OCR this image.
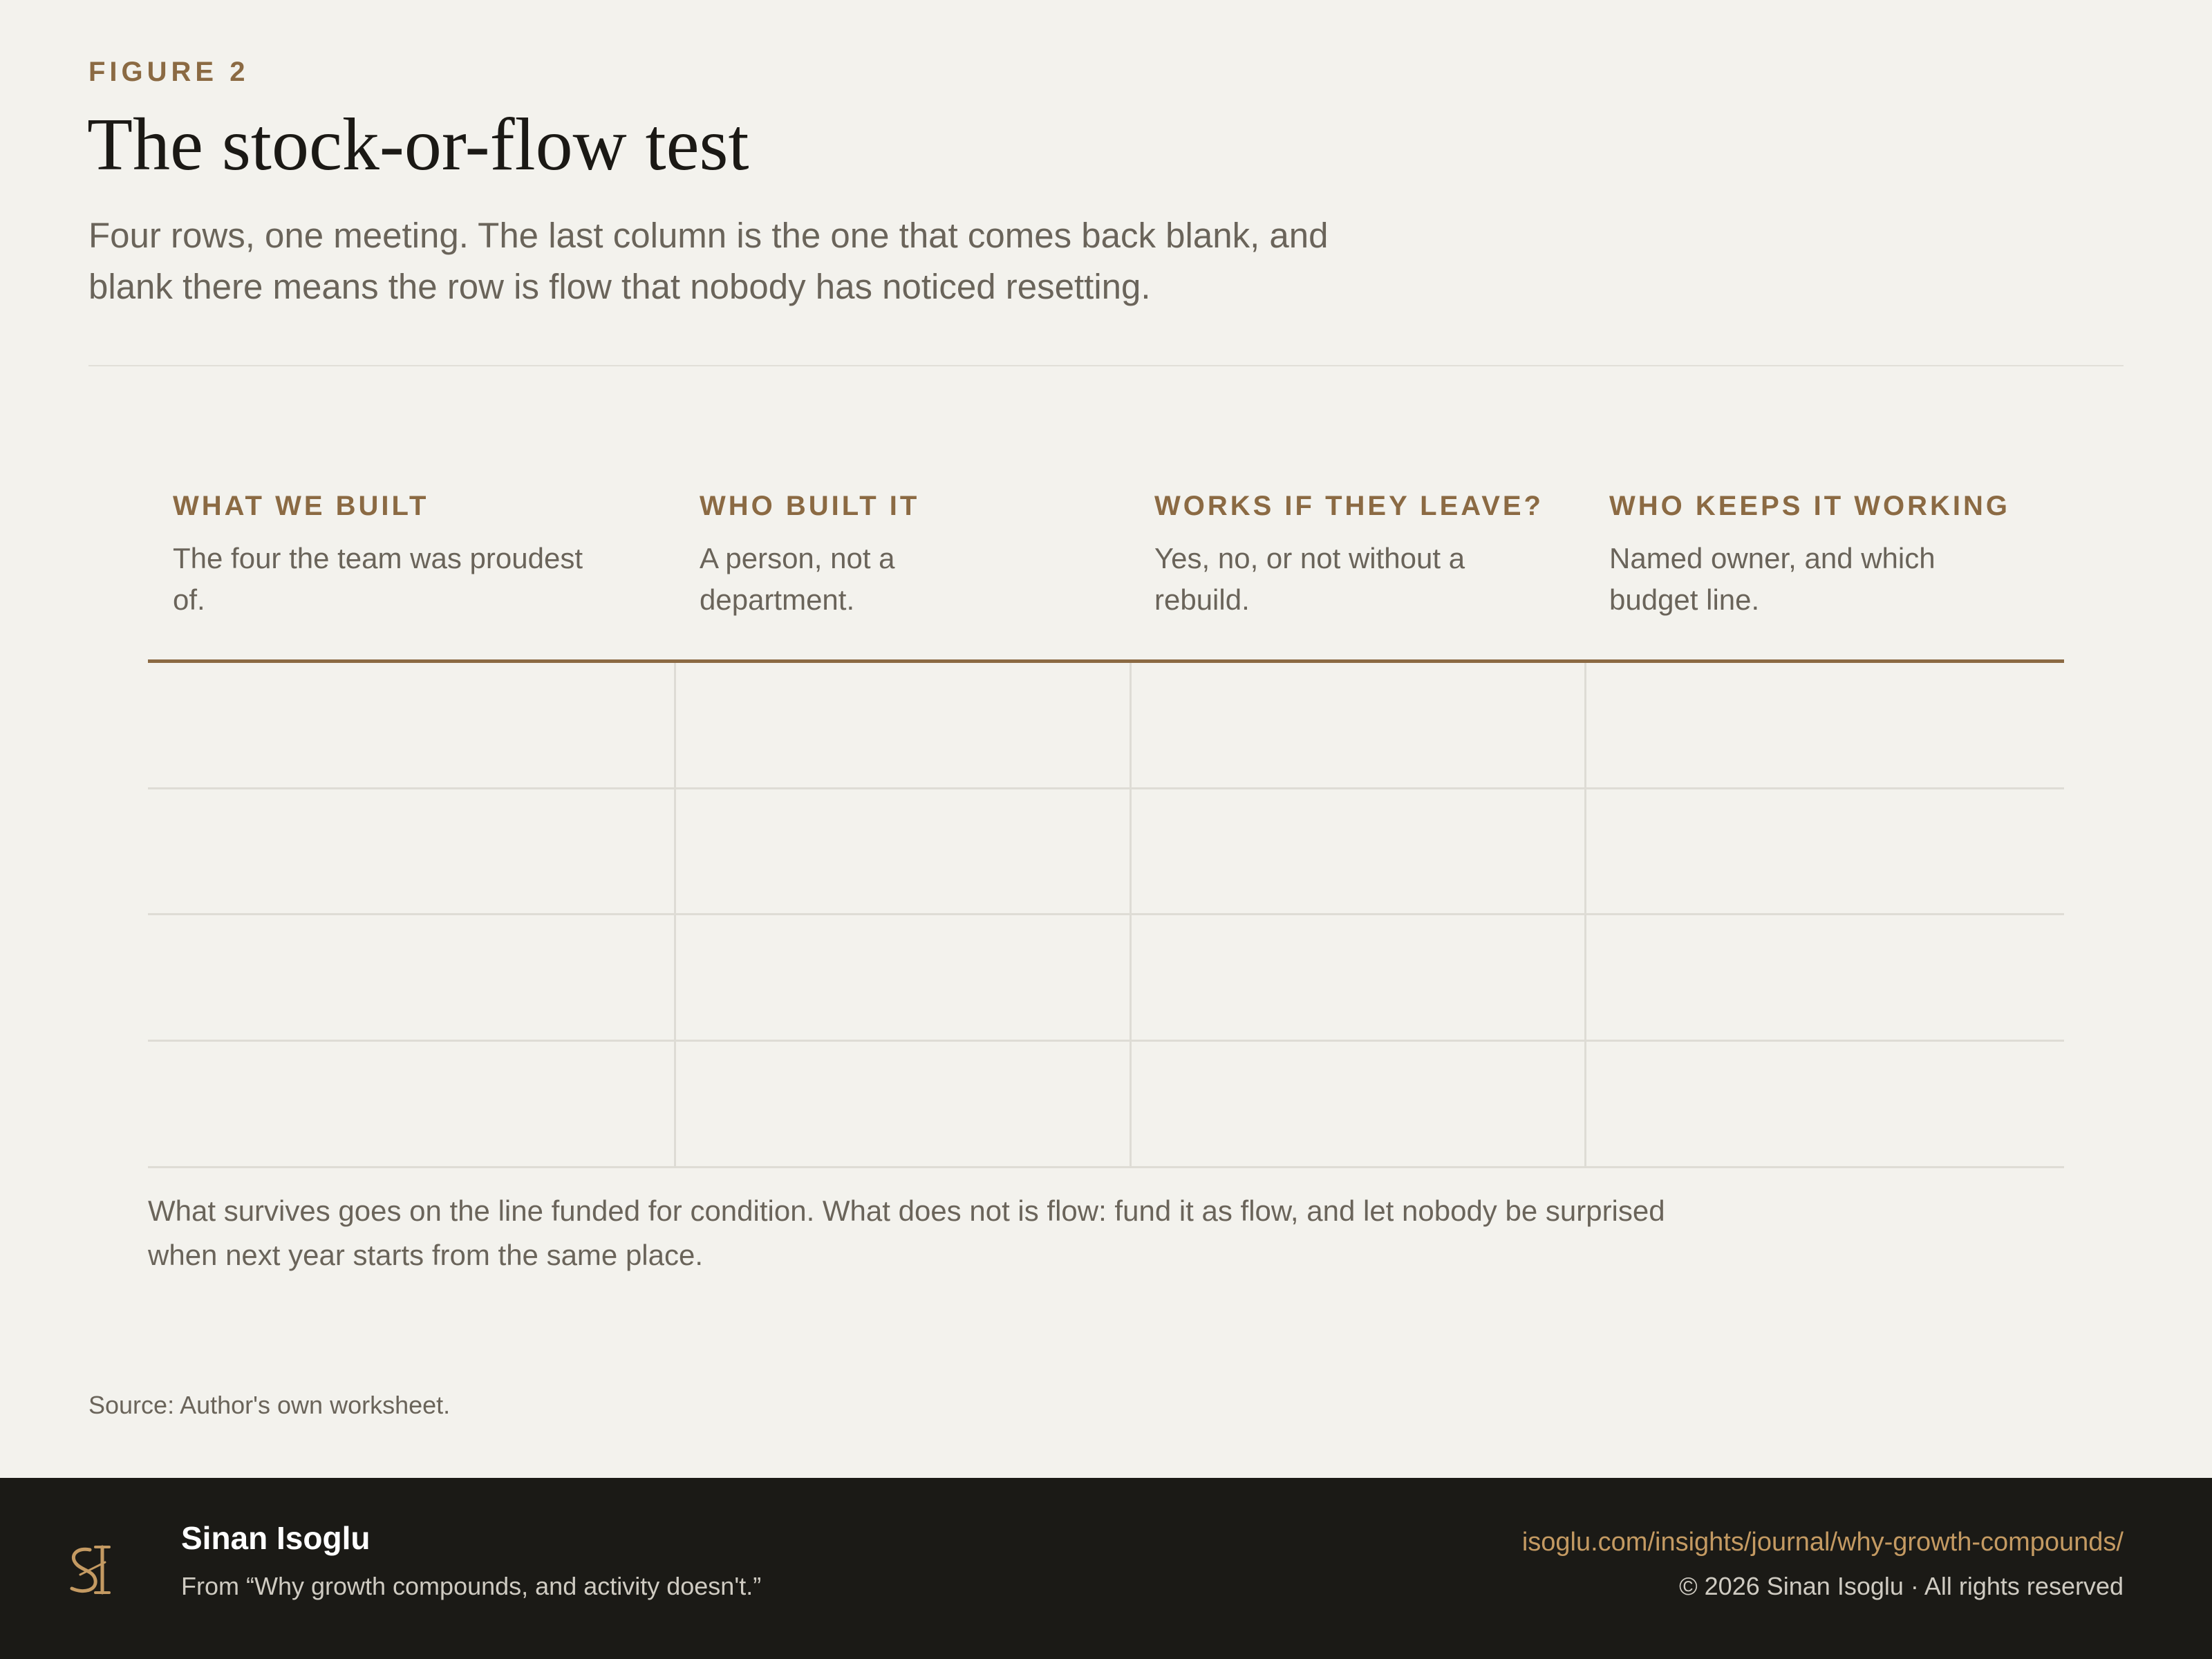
FIGURE 2
The stock-or-flow test
Four rows, one meeting. The last column is the one that comes back blank, and blank there means the row is flow that nobody has noticed resetting.
WHAT WE BUILT
The four the team was proudest of.
WHO BUILT IT
A person, not a department.
WORKS IF THEY LEAVE?
Yes, no, or not without a rebuild.
WHO KEEPS IT WORKING
Named owner, and which budget line.
What survives goes on the line funded for condition. What does not is flow: fund it as flow, and let nobody be surprised when next year starts from the same place.
Source: Author's own worksheet.
Sinan Isoglu
From “Why growth compounds, and activity doesn't.”
isoglu.com/insights/journal/why-growth-compounds/
© 2026 Sinan Isoglu · All rights reserved
